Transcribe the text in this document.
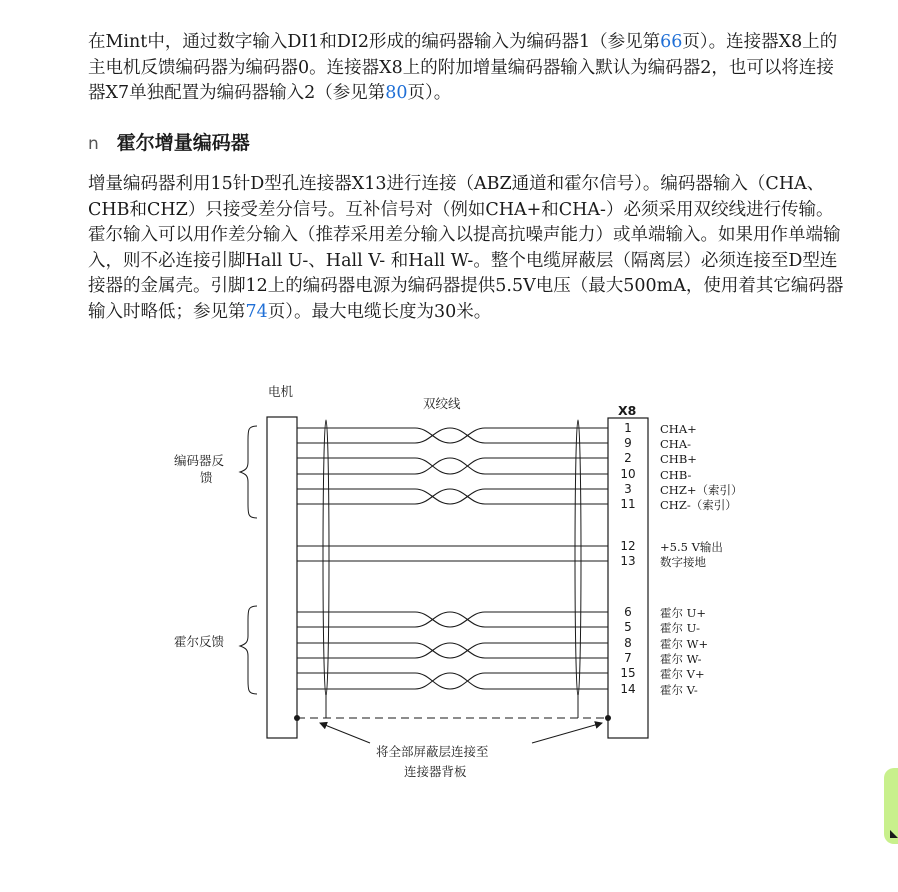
在Mint中，通过数字输入DI1和DI2形成的编码器输入为编码器1（参见第66页）。连接器X8上的主电机反馈编码器为编码器0。连接器X8上的附加增量编码器输入默认为编码器2，也可以将连接器X7单独配置为编码器输入2（参见第80页）。
n 霍尔增量编码器
增量编码器利用15针D型孔连接器X13进行连接（ABZ通道和霍尔信号）。编码器输入（CHA、CHB和CHZ）只接受差分信号。互补信号对（例如CHA+和CHA-）必须采用双绞线进行传输。霍尔输入可以用作差分输入（推荐采用差分输入以提高抗噪声能力）或单端输入。如果用作单端输入，则不必连接引脚Hall U-、Hall V- 和Hall W-。整个电缆屏蔽层（隔离层）必须连接至D型连接器的金属壳。引脚12上的编码器电源为编码器提供5.5V电压（最大500mA，使用着其它编码器输入时略低；参见第74页）。最大电缆长度为30米。
电机
双绞线	X8
编码器反
馈
霍尔反馈
将全部屏蔽层连接至
连接器背板
1 CHA+
9 CHA-
2 CHB+
10 CHB-
3 CHZ+（索引）
11 CHZ-（索引）
12 +5.5 V输出
13 数字接地
6 霍尔 U+
5 霍尔 U-
8 霍尔 W+
7 霍尔 W-
15 霍尔 V+
14 霍尔 V-
